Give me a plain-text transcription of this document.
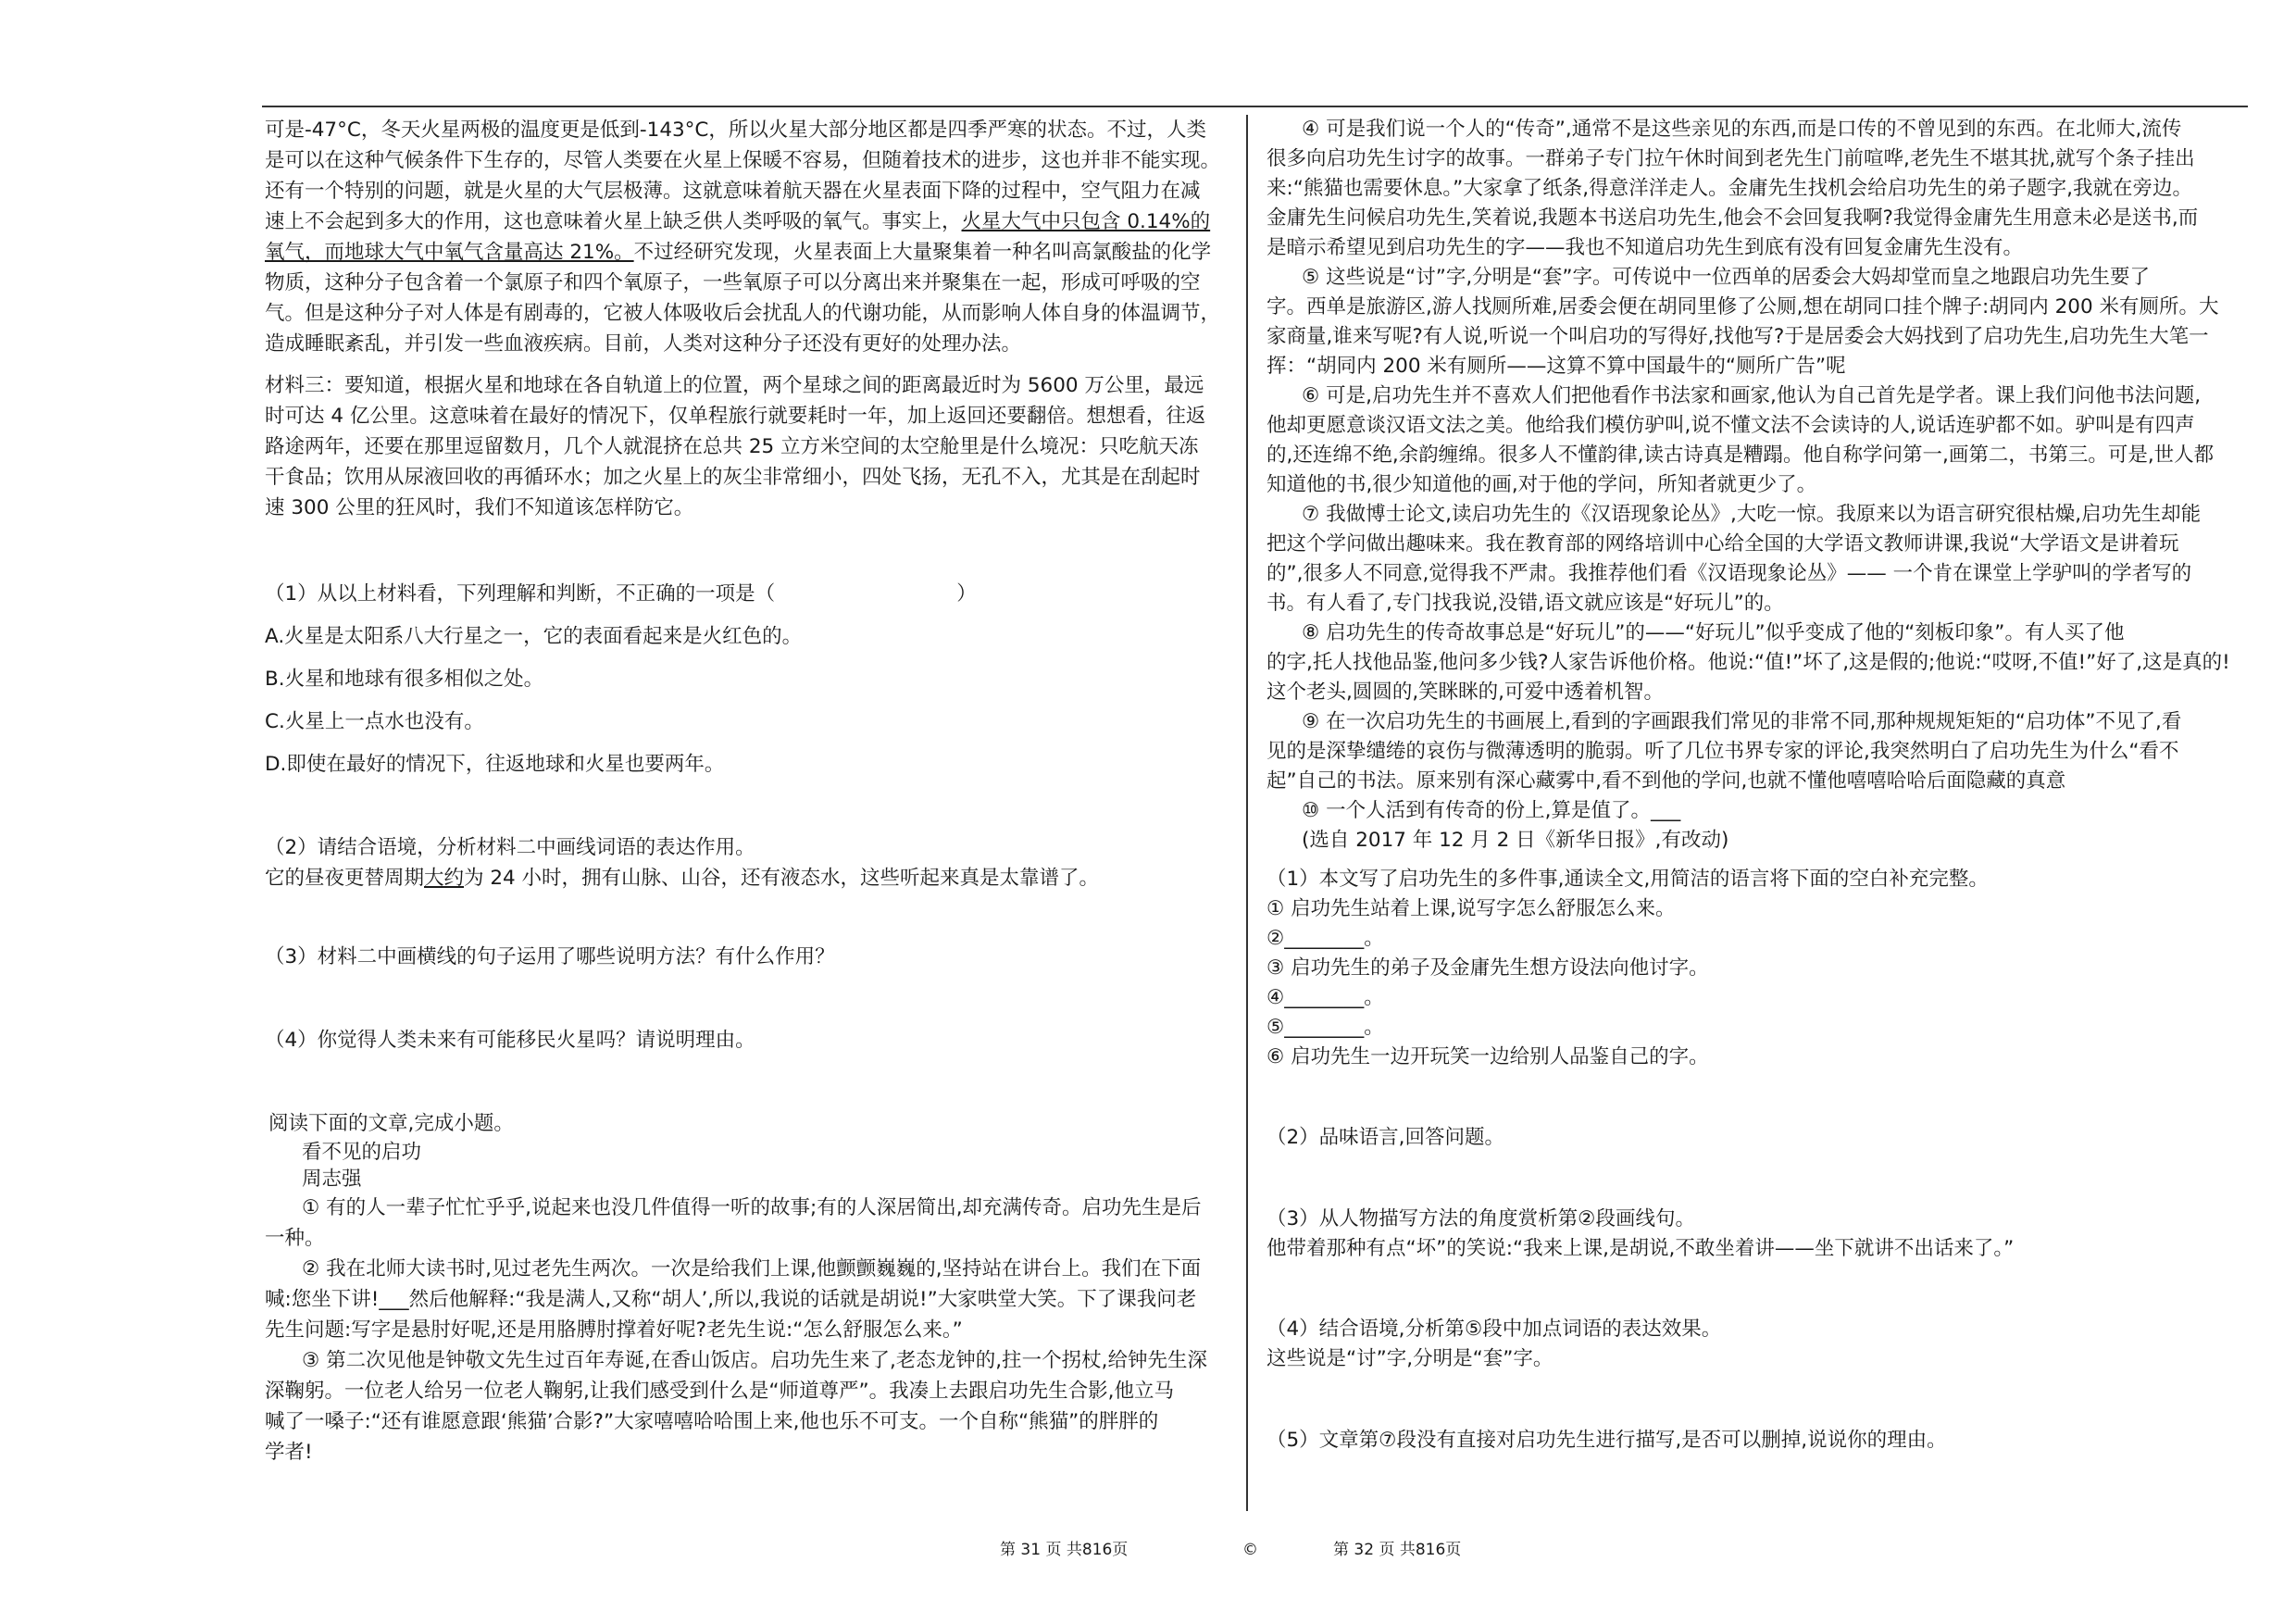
可是-47°C，冬天火星两极的温度更是低到-143°C，所以火星大部分地区都是四季严寒的状态。不过，人类

是可以在这种气候条件下生存的，尽管人类要在火星上保暖不容易，但随着技术的进步，这也并非不能实现。

还有一个特别的问题，就是火星的大气层极薄。这就意味着航天器在火星表面下降的过程中，空气阻力在减

速上不会起到多大的作用，这也意味着火星上缺乏供人类呼吸的氧气。事实上，火星大气中只包含 0.14%的

氧气，而地球大气中氧气含量高达 21%。不过经研究发现，火星表面上大量聚集着一种名叫高氯酸盐的化学

物质，这种分子包含着一个氯原子和四个氧原子，一些氧原子可以分离出来并聚集在一起，形成可呼吸的空

气。但是这种分子对人体是有剧毒的，它被人体吸收后会扰乱人的代谢功能，从而影响人体自身的体温调节，

造成睡眠紊乱，并引发一些血液疾病。目前，人类对这种分子还没有更好的处理办法。

材料三：要知道，根据火星和地球在各自轨道上的位置，两个星球之间的距离最近时为 5600 万公里，最远

时可达 4 亿公里。这意味着在最好的情况下，仅单程旅行就要耗时一年，加上返回还要翻倍。想想看，往返

路途两年，还要在那里逗留数月，几个人就混挤在总共 25 立方米空间的太空舱里是什么境况：只吃航天冻

干食品；饮用从尿液回收的再循环水；加之火星上的灰尘非常细小，四处飞扬，无孔不入，尤其是在刮起时

速 300 公里的狂风时，我们不知道该怎样防它。

（1）从以上材料看，下列理解和判断，不正确的一项是（	）

A.火星是太阳系八大行星之一，它的表面看起来是火红色的。

B.火星和地球有很多相似之处。

C.火星上一点水也没有。

D.即使在最好的情况下，往返地球和火星也要两年。

（2）请结合语境，分析材料二中画线词语的表达作用。

它的昼夜更替周期大约为 24 小时，拥有山脉、山谷，还有液态水，这些听起来真是太靠谱了。

（3）材料二中画横线的句子运用了哪些说明方法？有什么作用？

（4）你觉得人类未来有可能移民火星吗？请说明理由。

阅读下面的文章,完成小题。

看不见的启功

周志强

① 有的人一辈子忙忙乎乎,说起来也没几件值得一听的故事;有的人深居简出,却充满传奇。启功先生是后

一种。

② 我在北师大读书时,见过老先生两次。一次是给我们上课,他颤颤巍巍的,坚持站在讲台上。我们在下面

喊:您坐下讲!___然后他解释:“我是满人,又称“胡人’,所以,我说的话就是胡说!”大家哄堂大笑。下了课我问老

先生问题:写字是悬肘好呢,还是用胳膊肘撑着好呢?老先生说:“怎么舒服怎么来。”

③ 第二次见他是钟敬文先生过百年寿诞,在香山饭店。启功先生来了,老态龙钟的,拄一个拐杖,给钟先生深

深鞠躬。一位老人给另一位老人鞠躬,让我们感受到什么是“师道尊严”。我凑上去跟启功先生合影,他立马

喊了一嗓子:“还有谁愿意跟‘熊猫’合影?”大家嘻嘻哈哈围上来,他也乐不可支。一个自称“熊猫”的胖胖的

学者!

④ 可是我们说一个人的“传奇”,通常不是这些亲见的东西,而是口传的不曾见到的东西。在北师大,流传

很多向启功先生讨字的故事。一群弟子专门拉午休时间到老先生门前喧哗,老先生不堪其扰,就写个条子挂出

来:“熊猫也需要休息。”大家拿了纸条,得意洋洋走人。金庸先生找机会给启功先生的弟子题字,我就在旁边。

金庸先生问候启功先生,笑着说,我题本书送启功先生,他会不会回复我啊?我觉得金庸先生用意未必是送书,而

是暗示希望见到启功先生的字——我也不知道启功先生到底有没有回复金庸先生没有。

⑤ 这些说是“讨”字,分明是“套”字。可传说中一位西单的居委会大妈却堂而皇之地跟启功先生要了

字。西单是旅游区,游人找厕所难,居委会便在胡同里修了公厕,想在胡同口挂个牌子:胡同内 200 米有厕所。大

家商量,谁来写呢?有人说,听说一个叫启功的写得好,找他写?于是居委会大妈找到了启功先生,启功先生大笔一

挥：“胡同内 200 米有厕所——这算不算中国最牛的“厕所广告”呢

⑥ 可是,启功先生并不喜欢人们把他看作书法家和画家,他认为自己首先是学者。课上我们问他书法问题,

他却更愿意谈汉语文法之美。他给我们模仿驴叫,说不懂文法不会读诗的人,说话连驴都不如。驴叫是有四声

的,还连绵不绝,余韵缠绵。很多人不懂韵律,读古诗真是糟蹋。他自称学问第一,画第二，书第三。可是,世人都

知道他的书,很少知道他的画,对于他的学问，所知者就更少了。

⑦ 我做博士论文,读启功先生的《汉语现象论丛》,大吃一惊。我原来以为语言研究很枯燥,启功先生却能

把这个学问做出趣味来。我在教育部的网络培训中心给全国的大学语文教师讲课,我说“大学语文是讲着玩

的”,很多人不同意,觉得我不严肃。我推荐他们看《汉语现象论丛》—— 一个肯在课堂上学驴叫的学者写的

书。有人看了,专门找我说,没错,语文就应该是“好玩儿”的。

⑧ 启功先生的传奇故事总是“好玩儿”的——“好玩儿”似乎变成了他的“刻板印象”。有人买了他

的字,托人找他品鉴,他问多少钱?人家告诉他价格。他说:“值!”坏了,这是假的;他说:“哎呀,不值!”好了,这是真的!

这个老头,圆圆的,笑眯眯的,可爱中透着机智。

⑨ 在一次启功先生的书画展上,看到的字画跟我们常见的非常不同,那种规规矩矩的“启功体”不见了,看

见的是深挚缱绻的哀伤与微薄透明的脆弱。听了几位书界专家的评论,我突然明白了启功先生为什么“看不

起”自己的书法。原来别有深心藏雾中,看不到他的学问,也就不懂他嘻嘻哈哈后面隐藏的真意

⑩ 一个人活到有传奇的份上,算是值了。___

(选自 2017 年 12 月 2 日《新华日报》,有改动)

（1）本文写了启功先生的多件事,通读全文,用简洁的语言将下面的空白补充完整。

① 启功先生站着上课,说写字怎么舒服怎么来。

②________。

③ 启功先生的弟子及金庸先生想方设法向他讨字。

④________。

⑤________。

⑥ 启功先生一边开玩笑一边给别人品鉴自己的字。

（2）品味语言,回答问题。

（3）从人物描写方法的角度赏析第②段画线句。

他带着那种有点“坏”的笑说:“我来上课,是胡说,不敢坐着讲——坐下就讲不出话来了。”

（4）结合语境,分析第⑤段中加点词语的表达效果。

这些说是“讨”字,分明是“套”字。

（5）文章第⑦段没有直接对启功先生进行描写,是否可以删掉,说说你的理由。

第 31 页 共816页	©	第 32 页 共816页
